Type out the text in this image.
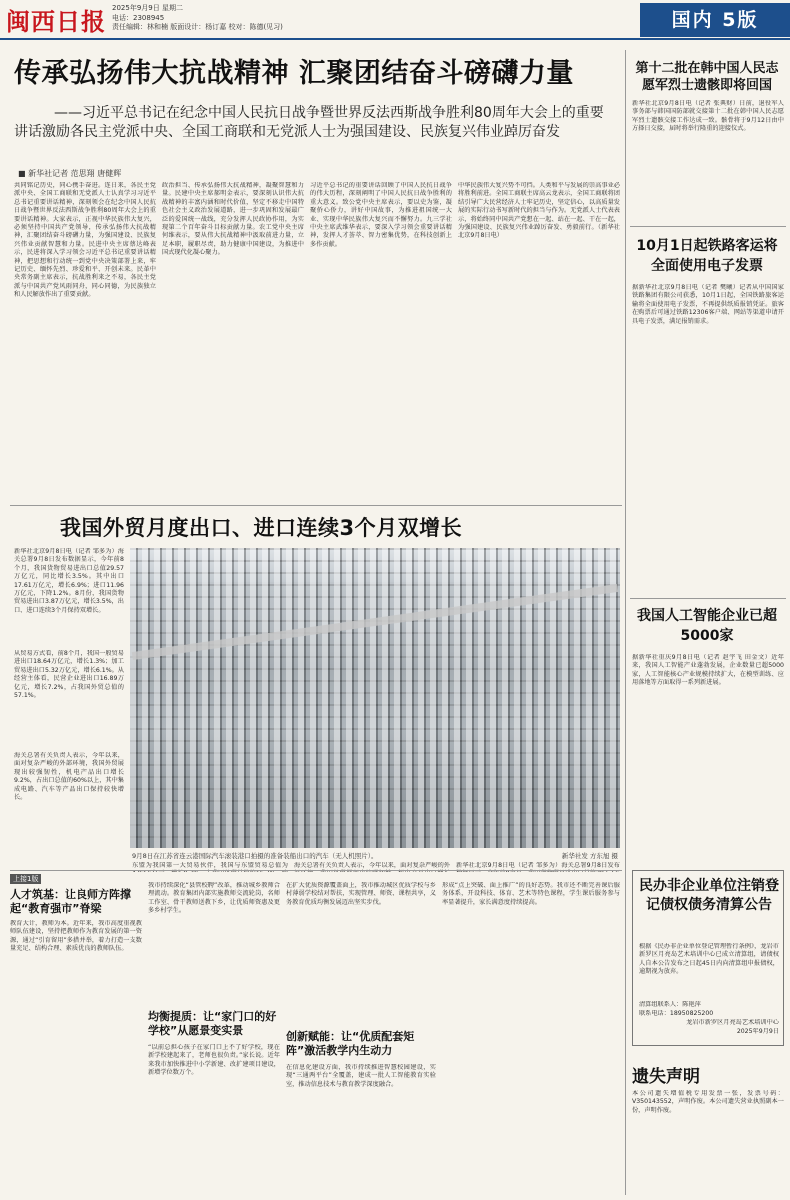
闽西日报 2025年9月9日 星期二
电话：2308945
责任编辑：林和楠 版面设计：杨订嘉 校对：陈德(见习)	国内 5版
传承弘扬伟大抗战精神 汇聚团结奋斗磅礴力量
——习近平总书记在纪念中国人民抗日战争暨世界反法西斯战争胜利80周年大会上的重要讲话激励各民主党派中央、全国工商联和无党派人士为强国建设、民族复兴伟业踔厉奋发
■ 新华社记者 范思翔 唐健辉
共同铭记历史，同心携手奋进。连日来，各民主党派中央、全国工商联和无党派人士认真学习习近平总书记重要讲话精神，深刻领会在纪念中国人民抗日战争暨世界反法西斯战争胜利80周年大会上的重要讲话精神。大家表示，正视中华民族伟大复兴，必须坚持中国共产党领导，传承弘扬伟大抗战精神，汇聚团结奋斗磅礴力量，为强国建设、民族复兴伟业贡献智慧和力量。民进中央主席蔡达峰表示，民进将深入学习领会习近平总书记重要讲话精神，把思想和行动统一到党中央决策部署上来，牢记历史、缅怀先烈、珍爱和平、开创未来。民革中央常务副主席表示，抗战胜利来之不易，各民主党派与中国共产党风雨同舟，同心同德，为民族独立和人民解放作出了重要贡献。
政治担当、传承弘扬伟大抗战精神，凝聚智慧和力量。民建中央主席郝明金表示，要深刻认识伟大抗战精神的丰富内涵和时代价值，坚定不移走中国特色社会主义政治发展道路，进一步巩固和发展最广泛的爱国统一战线，充分发挥人民政协作用，为实现第二个百年奋斗目标贡献力量。农工党中央主席何维表示，要从伟大抗战精神中汲取前进力量，立足本职，履职尽责，助力健康中国建设，为推进中国式现代化凝心聚力。
习近平总书记的重要讲话回顾了中国人民抗日战争的伟大历程，深刻阐明了中国人民抗日战争胜利的重大意义。致公党中央主席表示，要以史为鉴，凝聚侨心侨力，讲好中国故事，为推进祖国统一大业、实现中华民族伟大复兴而不懈努力。九三学社中央主席武维华表示，要深入学习领会重要讲话精神，发挥人才荟萃、智力密集优势，在科技创新上多作贡献。
中华民族伟大复兴势不可挡。人类和平与发展的崇高事业必将胜利前进。全国工商联主席高云龙表示，全国工商联将团结引导广大民营经济人士牢记历史，坚定信心，以高质量发展的实际行动书写新时代的担当与作为。无党派人士代表表示，将始终同中国共产党想在一起、站在一起、干在一起，为强国建设、民族复兴伟业踔厉奋发、勇毅前行。（新华社北京9月8日电）
第十二批在韩中国人民志愿军烈士遗骸即将回国
新华社北京9月8日电（记者 张典财）日前，退役军人事务部与韩国国防部就交接第十二批在韩中国人民志愿军烈士遗骸交接工作达成一致。骸骨将于9月12日由中方择日交接，届时将举行隆重的迎接仪式。
10月1日起铁路客运将全面使用电子发票
据新华社北京9月8日电（记者 樊曦）记者从中国国家铁路集团有限公司获悉，10月1日起，全国铁路旅客运输将全面使用电子发票，不再提供纸质报销凭证。旅客在购票后可通过铁路12306客户端、网站等渠道申请开具电子发票，满足报销需求。
我国人工智能企业已超5000家
据新华社重庆9月8日电（记者 赵宇飞 田金文）近年来，我国人工智能产业蓬勃发展，企业数量已超5000家，人工智能核心产业规模持续扩大，在模型训练、应用落地等方面取得一系列新进展。
民办非企业单位注销登记债权债务清算公告
根据《民办非企业单位登记管理暂行条例》，龙岩市新罗区月亮岛艺术培训中心已成立清算组，请债权人自本公告发布之日起45日内向清算组申报债权，逾期视为放弃。
清算组联系人：陈艳萍
联系电话：18950825200
龙岩市新罗区月亮岛艺术培训中心
2025年9月9日
遗失声明
本公司遗失增值税专用发票一张，发票号码：V350143552，声明作废。本公司遗失营业执照副本一份，声明作废。
我国外贸月度出口、进口连续3个月双增长
新华社北京9月8日电（记者 邹多为）海关总署9月8日发布数据显示，今年前8个月，我国货物贸易进出口总值29.57万亿元，同比增长3.5%。其中出口17.61万亿元，增长6.9%；进口11.96万亿元，下降1.2%。8月份，我国货物贸易进出口3.87万亿元，增长3.5%，出口、进口连续3个月保持双增长。
从贸易方式看，前8个月，我国一般贸易进出口18.64万亿元，增长1.3%；加工贸易进出口5.32万亿元，增长6.1%。从经营主体看，民营企业进出口16.89万亿元，增长7.2%，占我国外贸总值的57.1%。
海关总署有关负责人表示，今年以来，面对复杂严峻的外部环境，我国外贸展现出较强韧性，机电产品出口增长9.2%，占出口总值的60%以上，其中集成电路、汽车等产品出口保持较快增长。
9月8日在江苏省连云港国际汽车滚装港口拍摄的准备装船出口的汽车（无人机照片）。	新华社发 方东旭 摄
东盟为我国第一大贸易伙伴，我国与东盟贸易总值为 海关总署有关负责人表示，今年以来，面对复杂严峻的外 新华社北京9月8日电（记者 邹多为）海关总署9月8日发布
上接1版
人才筑基：让良师方阵撑起“教育强市”脊梁
教育大计，教师为本。近年来，我市高度重视教师队伍建设，坚持把教师作为教育发展的第一资源，通过“引育留用”多措并举，着力打造一支数量充足、结构合理、素质优良的教师队伍。
我市持续深化“县管校聘”改革，推动城乡教师合理流动。教育集团内部实施教师交流轮岗，名师工作室、骨干教师送教下乡，让优质师资惠及更多乡村学生。
均衡提质：让“家门口的好学校”从愿景变实景
“以前总担心孩子在家门口上不了好学校，现在新学校建起来了，老师也很负责。”家长说。近年来我市加快推进中小学新建、改扩建项目建设，新增学位数万个。
在扩大优质资源覆盖面上，我市推动城区优质学校与乡村薄弱学校结对帮扶，实现管理、师资、课程共享，义务教育优质均衡发展迈出坚实步伐。
创新赋能：让“优质配套矩阵”激活教学内生动力
在信息化建设方面，我市持续推进智慧校园建设，实现“三通两平台”全覆盖，建成一批人工智能教育实验室，推动信息技术与教育教学深度融合。
形成“点上突破、面上推广”的良好态势。我市还不断完善课后服务体系，开设科技、体育、艺术等特色课程，学生课后服务参与率显著提升，家长满意度持续提高。
